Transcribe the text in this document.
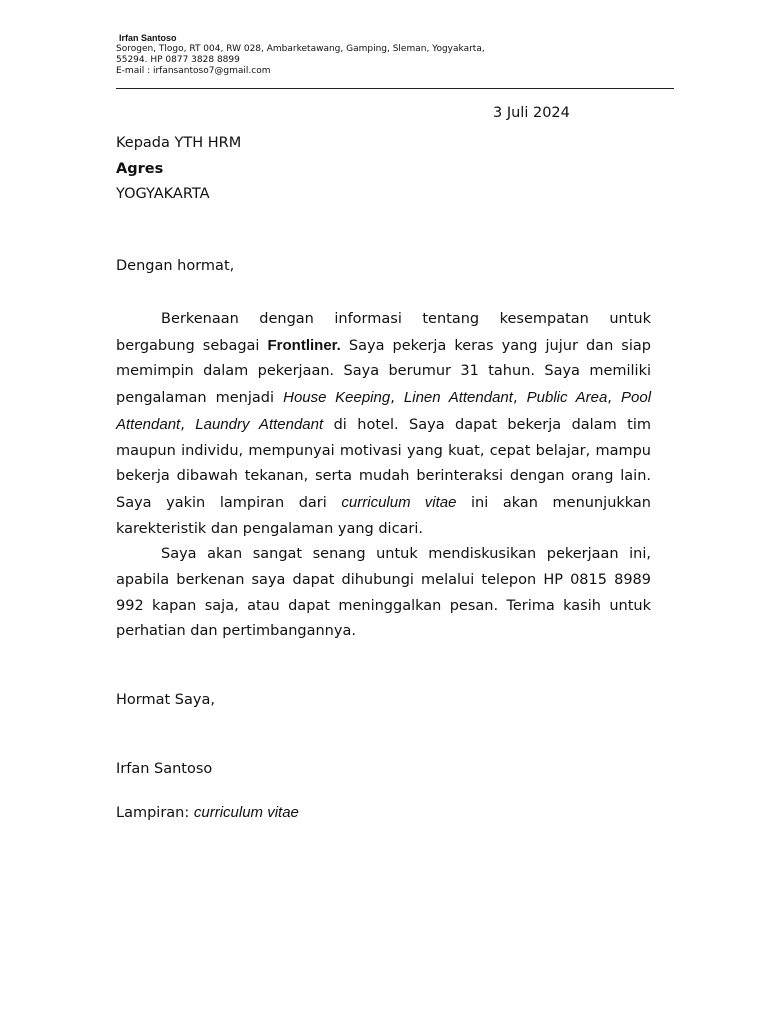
Irfan Santoso
Sorogen, Tlogo, RT 004, RW 028, Ambarketawang, Gamping, Sleman, Yogyakarta,
55294. HP 0877 3828 8899
E-mail : irfansantoso7@gmail.com
3 Juli 2024
Kepada YTH HRM
Agres
YOGYAKARTA
Dengan hormat,

Berkenaan dengan informasi tentang kesempatan untuk bergabung sebagai Frontliner. Saya pekerja keras yang jujur dan siap memimpin dalam pekerjaan. Saya berumur 31 tahun. Saya memiliki pengalaman menjadi House Keeping, Linen Attendant, Public Area, Pool Attendant, Laundry Attendant di hotel. Saya dapat bekerja dalam tim maupun individu, mempunyai motivasi yang kuat, cepat belajar, mampu bekerja dibawah tekanan, serta mudah berinteraksi dengan orang lain. Saya yakin lampiran dari curriculum vitae ini akan menunjukkan karekteristik dan pengalaman yang dicari.

Saya akan sangat senang untuk mendiskusikan pekerjaan ini, apabila berkenan saya dapat dihubungi melalui telepon HP 0815 8989 992 kapan saja, atau dapat meninggalkan pesan. Terima kasih untuk perhatian dan pertimbangannya.

Hormat Saya,
Irfan Santoso
Lampiran: curriculum vitae
